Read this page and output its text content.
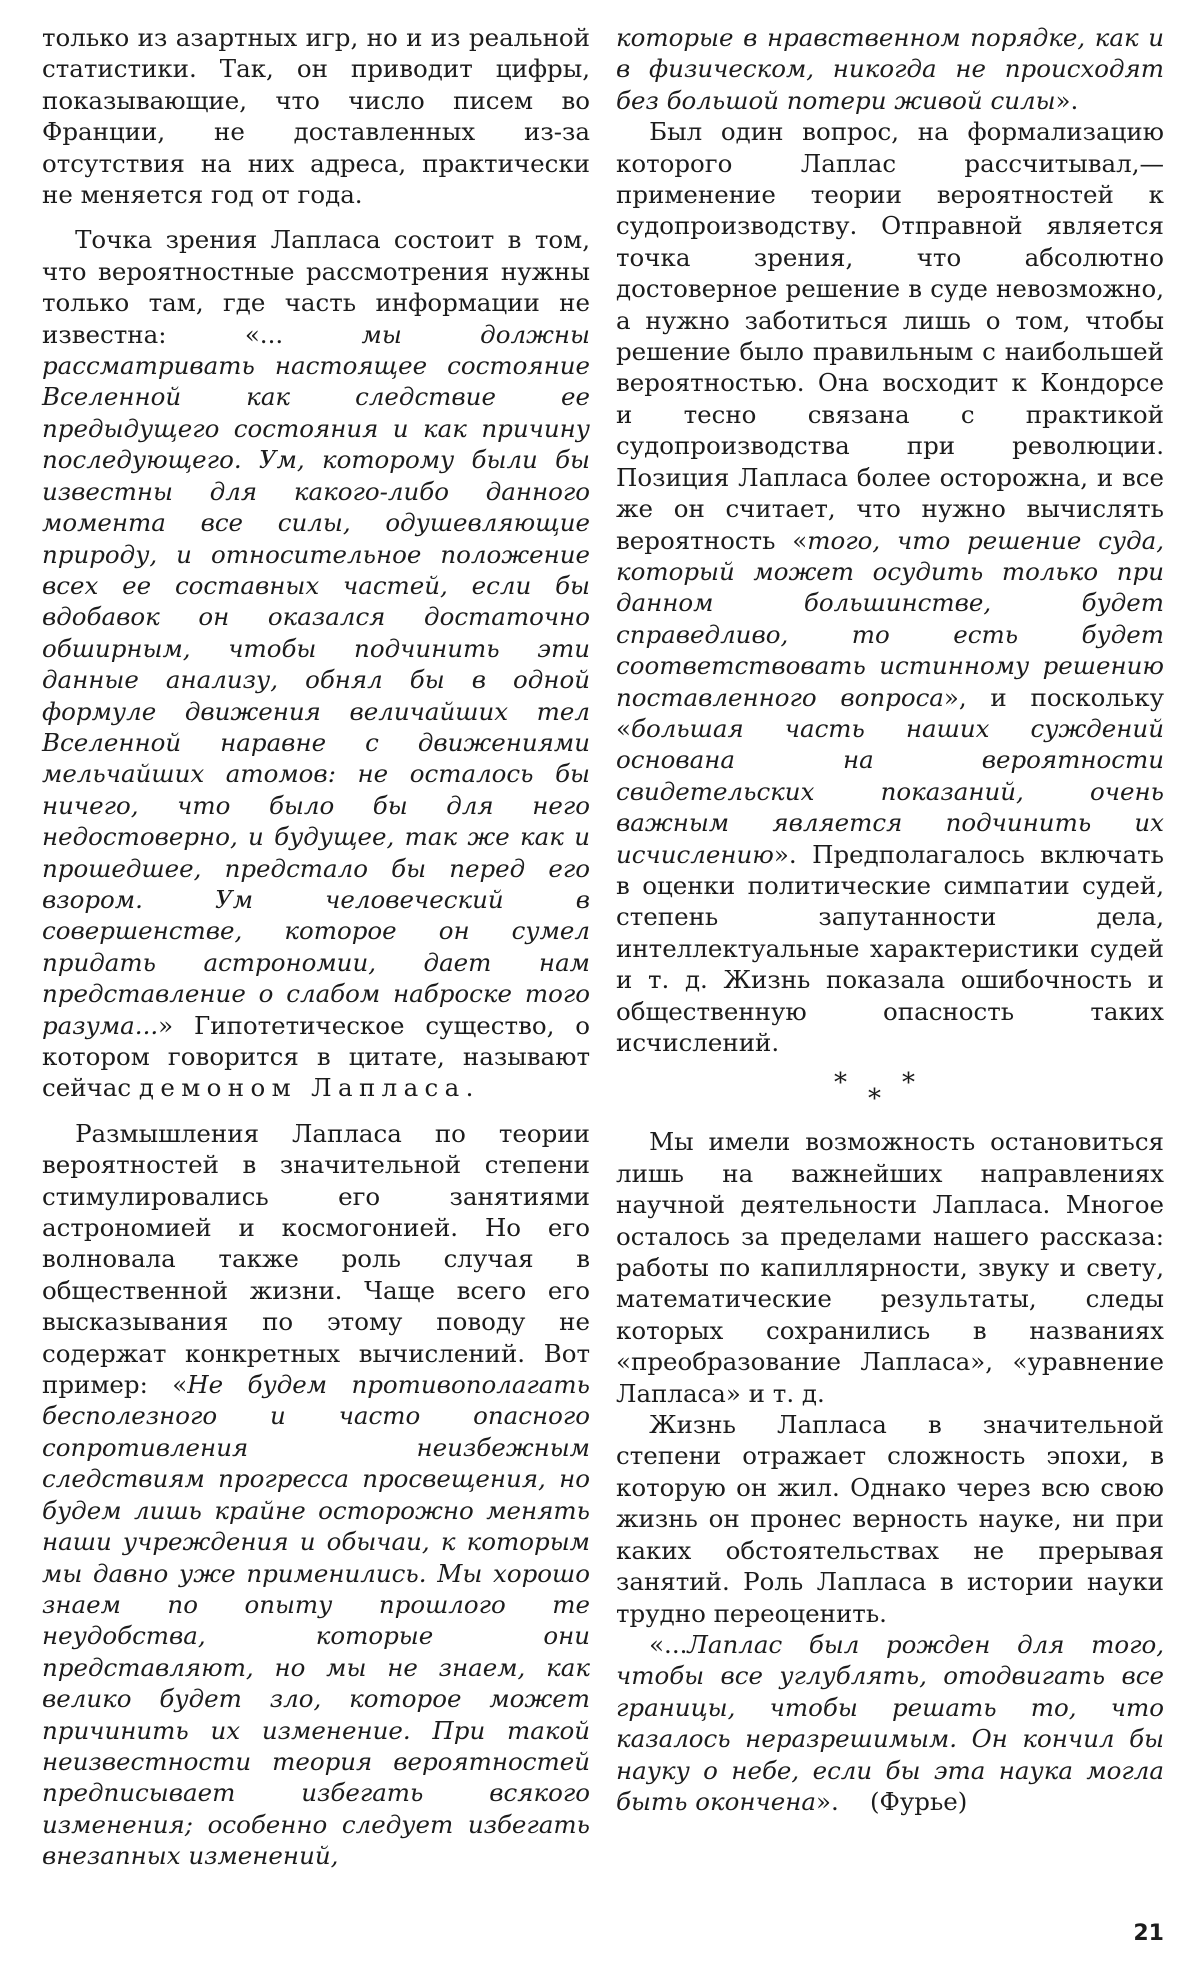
только из азартных игр, но и из реальной статистики. Так, он приводит цифры, показывающие, что число писем во Франции, не доставленных из-за отсутствия на них адреса, практически не меняется год от года.

Точка зрения Лапласа состоит в том, что вероятностные рассмотрения нужны только там, где часть информации не известна: «... мы должны рассматривать настоящее состояние Вселенной как следствие ее предыдущего состояния и как причину последующего. Ум, которому были бы известны для какого-либо данного момента все силы, одушевляющие природу, и относительное положение всех ее составных частей, если бы вдобавок он оказался достаточно обширным, чтобы подчинить эти данные анализу, обнял бы в одной формуле движения величайших тел Вселенной наравне с движениями мельчайших атомов: не осталось бы ничего, что было бы для него недостоверно, и будущее, так же как и прошедшее, предстало бы перед его взором. Ум человеческий в совершенстве, которое он сумел придать астрономии, дает нам представление о слабом наброске того разума...» Гипотетическое существо, о котором говорится в цитате, называют сейчас демоном Лапласа.

Размышления Лапласа по теории вероятностей в значительной степени стимулировались его занятиями астрономией и космогонией. Но его волновала также роль случая в общественной жизни. Чаще всего его высказывания по этому поводу не содержат конкретных вычислений. Вот пример: «Не будем противополагать бесполезного и часто опасного сопротивления неизбежным следствиям прогресса просвещения, но будем лишь крайне осторожно менять наши учреждения и обычаи, к которым мы давно уже применились. Мы хорошо знаем по опыту прошлого те неудобства, которые они представляют, но мы не знаем, как велико будет зло, которое может причинить их изменение. При такой неизвестности теория вероятностей предписывает избегать всякого изменения; особенно следует избегать внезапных изменений,

которые в нравственном порядке, как и в физическом, никогда не происходят без большой потери живой силы».

Был один вопрос, на формализацию которого Лаплас рассчитывал,— применение теории вероятностей к судопроизводству. Отправной является точка зрения, что абсолютно достоверное решение в суде невозможно, а нужно заботиться лишь о том, чтобы решение было правильным с наибольшей вероятностью. Она восходит к Кондорсе и тесно связана с практикой судопроизводства при революции. Позиция Лапласа более осторожна, и все же он считает, что нужно вычислять вероятность «того, что решение суда, который может осудить только при данном большинстве, будет справедливо, то есть будет соответствовать истинному решению поставленного вопроса», и поскольку «большая часть наших суждений основана на вероятности свидетельских показаний, очень важным является подчинить их исчислению». Предполагалось включать в оценки политические симпатии судей, степень запутанности дела, интеллектуальные характеристики судей и т. д. Жизнь показала ошибочность и общественную опасность таких исчислений.

*
*
*

Мы имели возможность остановиться лишь на важнейших направлениях научной деятельности Лапласа. Многое осталось за пределами нашего рассказа: работы по капиллярности, звуку и свету, математические результаты, следы которых сохранились в названиях «преобразование Лапласа», «уравнение Лапласа» и т. д.

Жизнь Лапласа в значительной степени отражает сложность эпохи, в которую он жил. Однако через всю свою жизнь он пронес верность науке, ни при каких обстоятельствах не прерывая занятий. Роль Лапласа в истории науки трудно переоценить.

«...Лаплас был рожден для того, чтобы все углублять, отодвигать все границы, чтобы решать то, что казалось неразрешимым. Он кончил бы науку о небе, если бы эта наука могла быть окончена». (Фурье)

21
